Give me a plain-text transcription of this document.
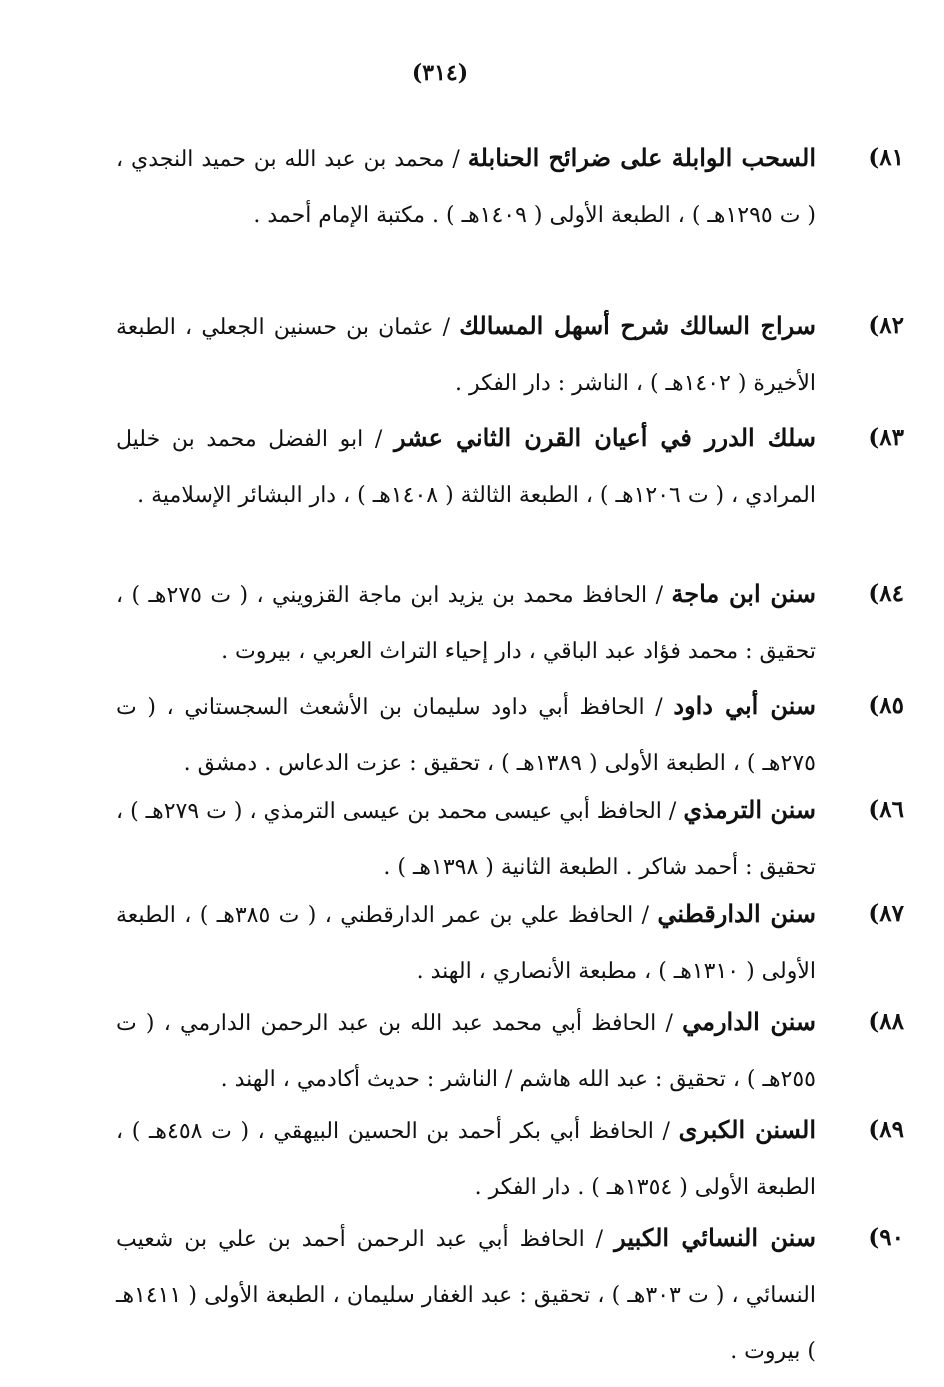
(٣١٤)
٨١)
السحب الوابلة على ضرائح الحنابلة / محمد بن عبد الله بن حميد النجدي ، ( ت ١٢٩٥هـ ) ، الطبعة الأولى ( ١٤٠٩هـ ) . مكتبة الإمام أحمد .
٨٢)
سراج السالك شرح أسهل المسالك / عثمان بن حسنين الجعلي ، الطبعة الأخيرة ( ١٤٠٢هـ ) ، الناشر : دار الفكر .
٨٣)
سلك الدرر في أعيان القرن الثاني عشر / ابو الفضل محمد بن خليل المرادي ، ( ت ١٢٠٦هـ ) ، الطبعة الثالثة ( ١٤٠٨هـ ) ، دار البشائر الإسلامية .
٨٤)
سنن ابن ماجة / الحافظ محمد بن يزيد ابن ماجة القزويني ، ( ت ٢٧٥هـ ) ، تحقيق : محمد فؤاد عبد الباقي ، دار إحياء التراث العربي ، بيروت .
٨٥)
سنن أبي داود / الحافظ أبي داود سليمان بن الأشعث السجستاني ، ( ت ٢٧٥هـ ) ، الطبعة الأولى ( ١٣٨٩هـ ) ، تحقيق : عزت الدعاس . دمشق .
٨٦)
سنن الترمذي / الحافظ أبي عيسى محمد بن عيسى الترمذي ، ( ت ٢٧٩هـ ) ، تحقيق : أحمد شاكر . الطبعة الثانية ( ١٣٩٨هـ ) .
٨٧)
سنن الدارقطني / الحافظ علي بن عمر الدارقطني ، ( ت ٣٨٥هـ ) ، الطبعة الأولى ( ١٣١٠هـ ) ، مطبعة الأنصاري ، الهند .
٨٨)
سنن الدارمي / الحافظ أبي محمد عبد الله بن عبد الرحمن الدارمي ، ( ت ٢٥٥هـ ) ، تحقيق : عبد الله هاشم / الناشر : حديث أكادمي ، الهند .
٨٩)
السنن الكبرى / الحافظ أبي بكر أحمد بن الحسين البيهقي ، ( ت ٤٥٨هـ ) ، الطبعة الأولى ( ١٣٥٤هـ ) . دار الفكر .
٩٠)
سنن النسائي الكبير / الحافظ أبي عبد الرحمن أحمد بن علي بن شعيب النسائي ، ( ت ٣٠٣هـ ) ، تحقيق : عبد الغفار سليمان ، الطبعة الأولى ( ١٤١١هـ ) بيروت .
